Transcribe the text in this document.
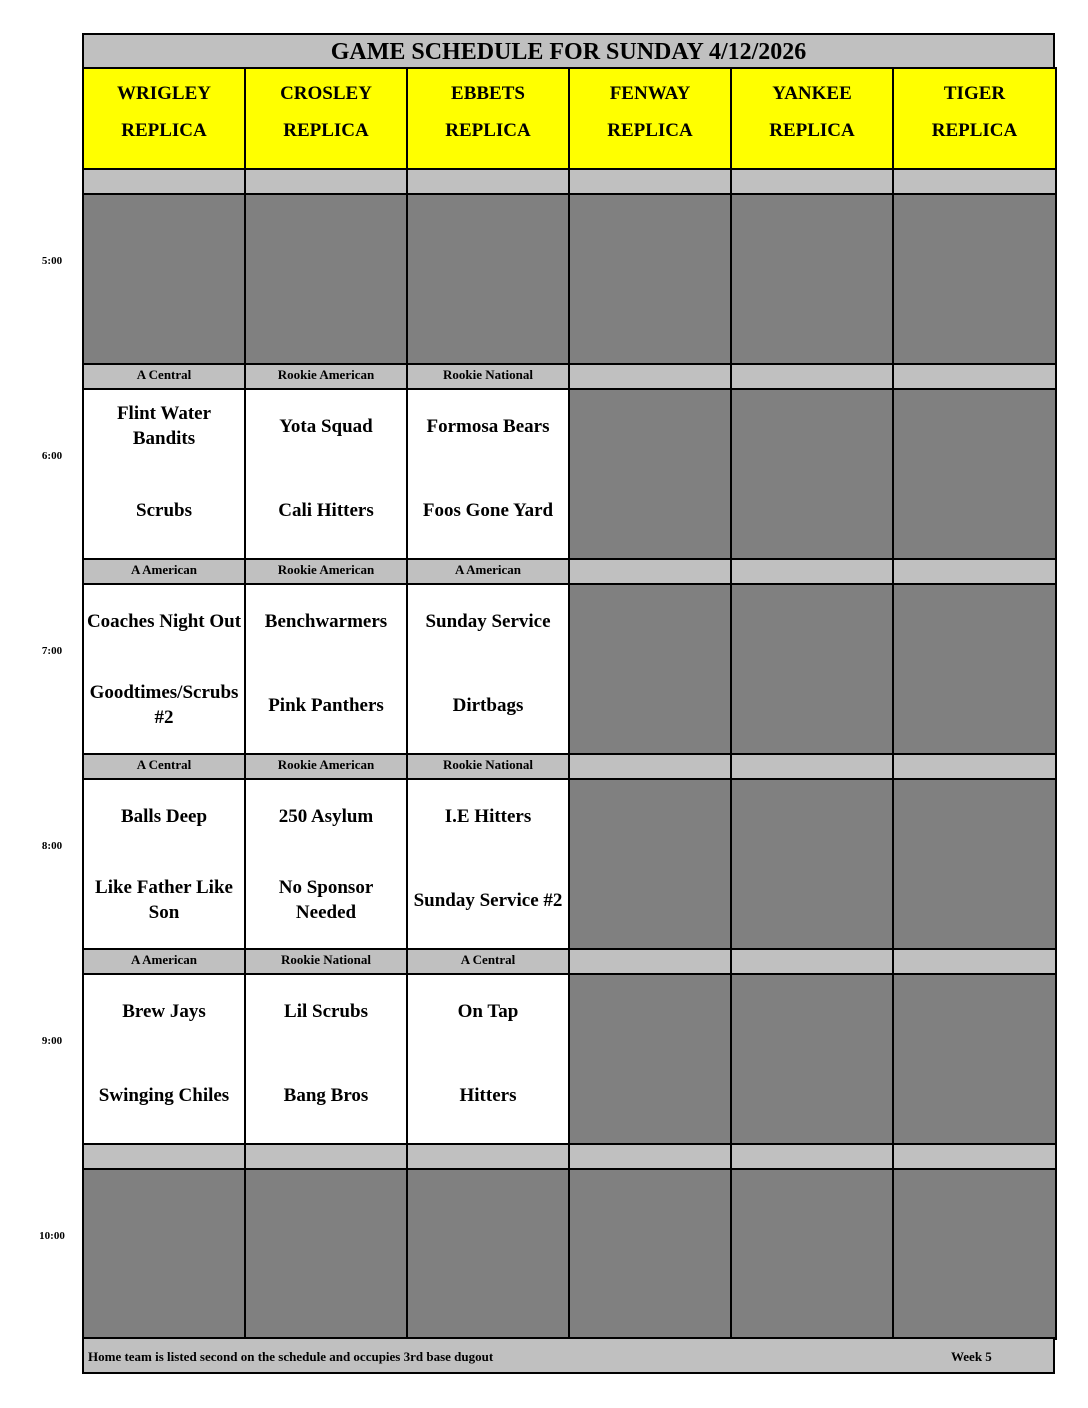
GAME SCHEDULE FOR SUNDAY 4/12/2026
WRIGLEY
REPLICA
CROSLEY
REPLICA
EBBETS
REPLICA
FENWAY
REPLICA
YANKEE
REPLICA
TIGER
REPLICA
5:00
6:00
A Central
Flint Water Bandits
Scrubs
Rookie American
Yota Squad
Cali Hitters
Rookie National
Formosa Bears
Foos Gone Yard
7:00
A American
Coaches Night Out
Goodtimes/Scrubs #2
Rookie American
Benchwarmers
Pink Panthers
A American
Sunday Service
Dirtbags
8:00
A Central
Balls Deep
Like Father Like Son
Rookie American
250 Asylum
No Sponsor Needed
Rookie National
I.E Hitters
Sunday Service #2
9:00
A American
Brew Jays
Swinging Chiles
Rookie National
Lil Scrubs
Bang Bros
A Central
On Tap
Hitters
10:00
Home team is listed second on the schedule and occupies 3rd base dugout	Week 5
